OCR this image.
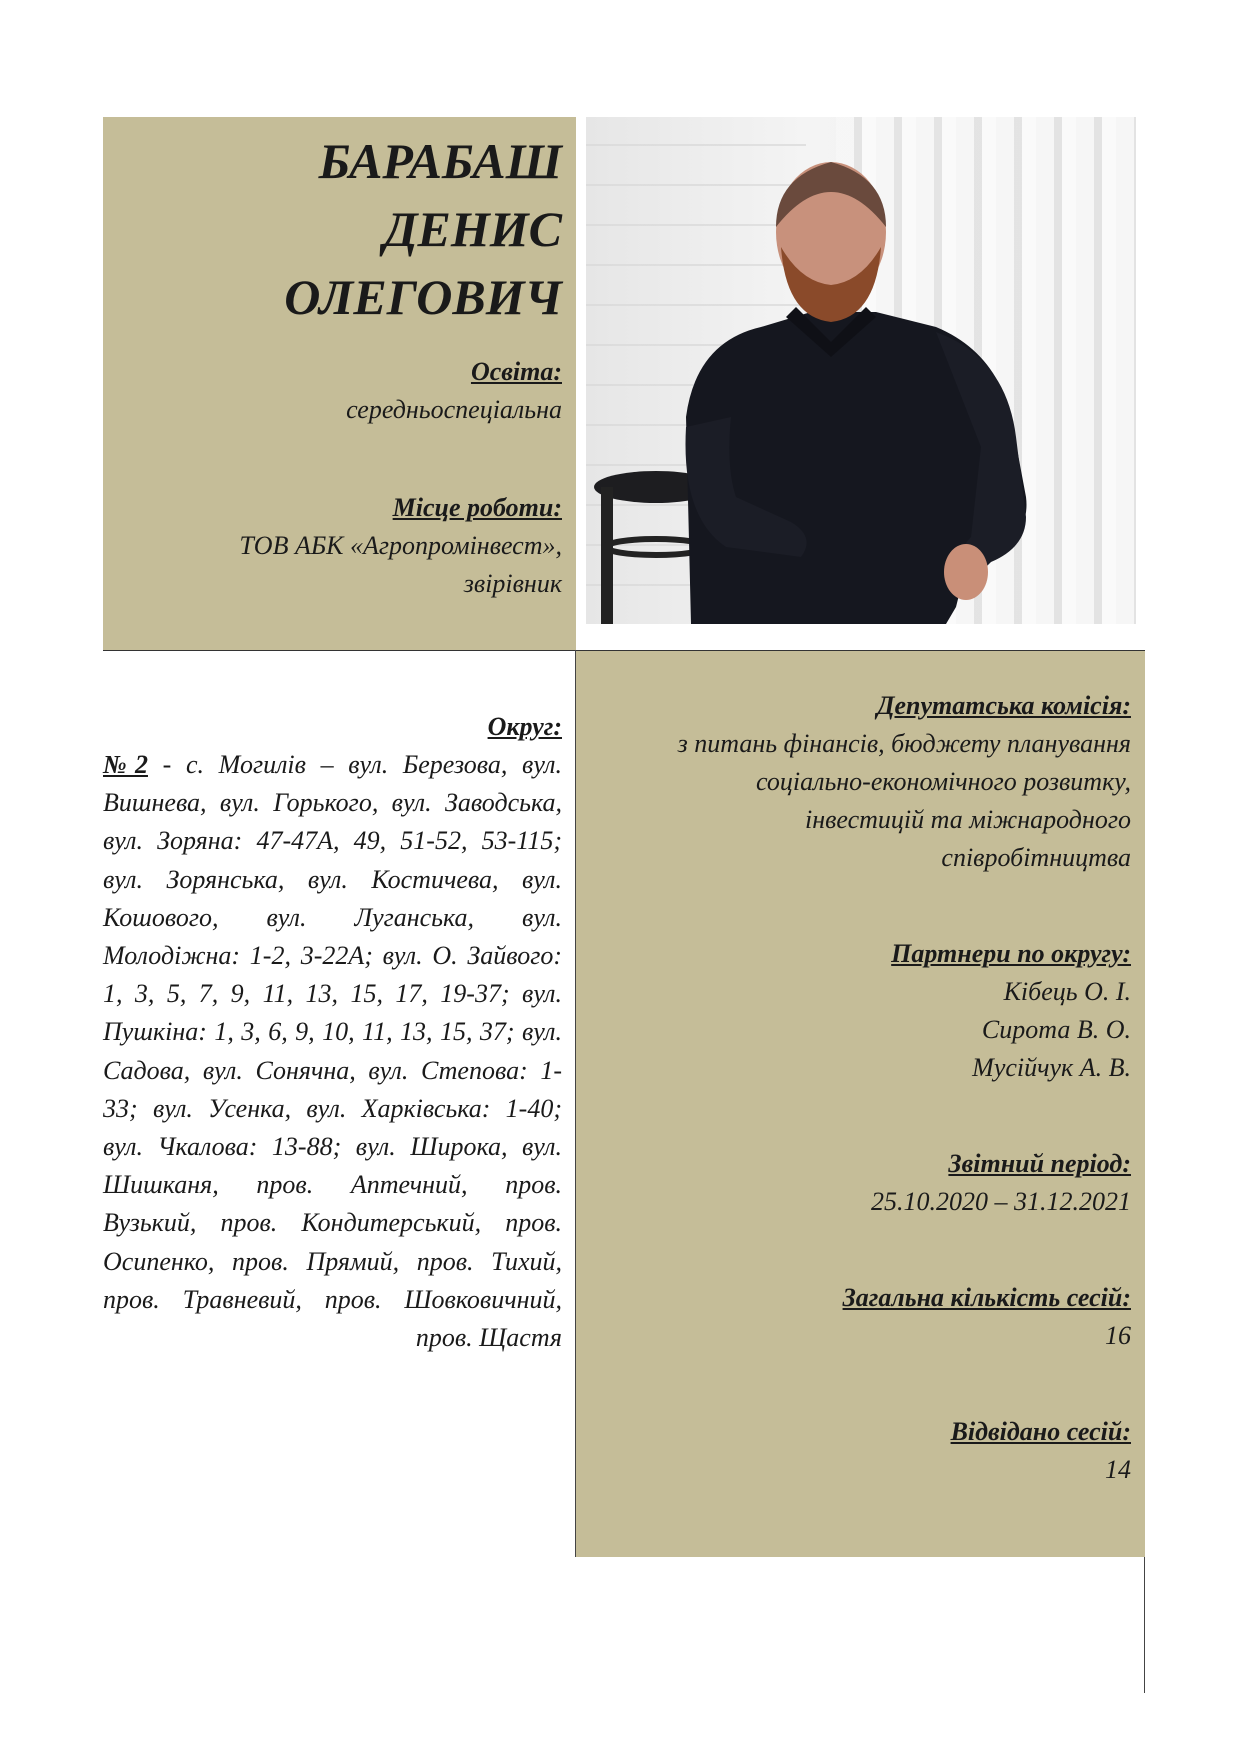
БАРАБАШ
ДЕНИС
ОЛЕГОВИЧ
Освіта:
середньоспеціальна
Місце роботи:
ТОВ АБК «Агропромінвест»,
звірівник
Округ:
№2 - с. Могилів – вул. Березова, вул. Вишнева, вул. Горького, вул. Заводська, вул. Зоряна: 47-47А, 49, 51-52, 53-115; вул. Зорянська, вул. Костичева, вул. Кошового, вул. Луганська, вул. Молодіжна: 1-2, 3-22А; вул. О. Зайвого: 1, 3, 5, 7, 9, 11, 13, 15, 17, 19-37; вул. Пушкіна: 1, 3, 6, 9, 10, 11, 13, 15, 37; вул. Садова, вул. Сонячна, вул. Степова: 1-33; вул. Усенка, вул. Харківська: 1-40; вул. Чкалова: 13-88; вул. Широка, вул. Шишканя, пров. Аптечний, пров. Вузький, пров. Кондитерський, пров. Осипенко, пров. Прямий, пров. Тихий, пров. Травневий, пров. Шовковичний, пров. Щастя
Депутатська комісія:
з питань фінансів, бюджету планування
соціально-економічного розвитку,
інвестицій та міжнародного
співробітництва
Партнери по округу:
Кібець О. І.
Сирота В. О.
Мусійчук А. В.
Звітний період:
25.10.2020 – 31.12.2021
Загальна кількість сесій:
16
Відвідано сесій:
14
